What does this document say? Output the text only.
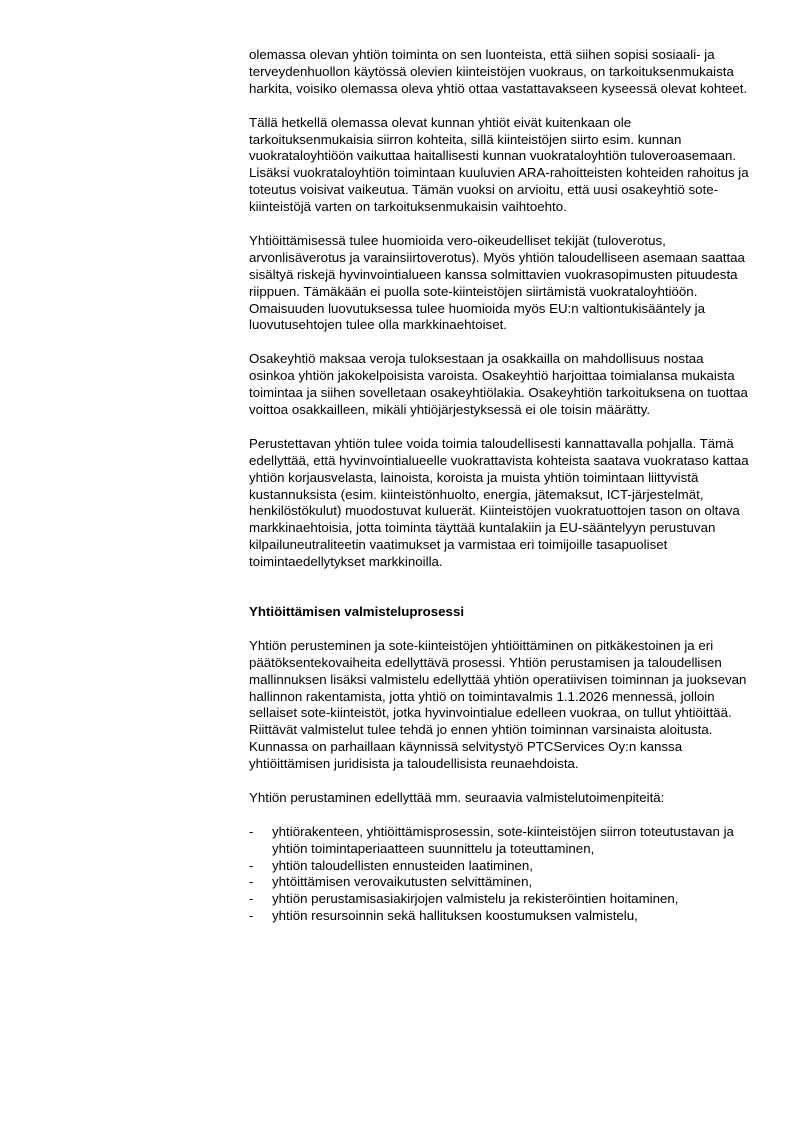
olemassa olevan yhtiön toiminta on sen luonteista, että siihen sopisi sosiaali- ja terveydenhuollon käytössä olevien kiinteistöjen vuokraus, on tarkoituksenmukaista harkita, voisiko olemassa oleva yhtiö ottaa vastattavakseen kyseessä olevat kohteet.

Tällä hetkellä olemassa olevat kunnan yhtiöt eivät kuitenkaan ole tarkoituksenmukaisia siirron kohteita, sillä kiinteistöjen siirto esim. kunnan vuokrataloyhtiöön vaikuttaa haitallisesti kunnan vuokrataloyhtiön tuloveroasemaan. Lisäksi vuokrataloyhtiön toimintaan kuuluvien ARA-rahoitteisten kohteiden rahoitus ja toteutus voisivat vaikeutua. Tämän vuoksi on arvioitu, että uusi osakeyhtiö sote-kiinteistöjä varten on tarkoituksenmukaisin vaihtoehto.

Yhtiöittämisessä tulee huomioida vero-oikeudelliset tekijät (tuloverotus, arvonlisäverotus ja varainsiirtoverotus). Myös yhtiön taloudelliseen asemaan saattaa sisältyä riskejä hyvinvointialueen kanssa solmittavien vuokrasopimusten pituudesta riippuen. Tämäkään ei puolla sote-kiinteistöjen siirtämistä vuokrataloyhtiöön. Omaisuuden luovutuksessa tulee huomioida myös EU:n valtiontukisääntely ja luovutusehtojen tulee olla markkinaehtoiset.

Osakeyhtiö maksaa veroja tuloksestaan ja osakkailla on mahdollisuus nostaa osinkoa yhtiön jakokelpoisista varoista. Osakeyhtiö harjoittaa toimialansa mukaista toimintaa ja siihen sovelletaan osakeyhtiölakia. Osakeyhtiön tarkoituksena on tuottaa voittoa osakkailleen, mikäli yhtiöjärjestyksessä ei ole toisin määrätty.

Perustettavan yhtiön tulee voida toimia taloudellisesti kannattavalla pohjalla. Tämä edellyttää, että hyvinvointialueelle vuokrattavista kohteista saatava vuokrataso kattaa yhtiön korjausvelasta, lainoista, koroista ja muista yhtiön toimintaan liittyvistä kustannuksista (esim. kiinteistönhuolto, energia, jätemaksut, ICT-järjestelmät, henkilöstökulut) muodostuvat kuluerät. Kiinteistöjen vuokratuottojen tason on oltava markkinaehtoisia, jotta toiminta täyttää kuntalakiin ja EU-sääntelyyn perustuvan kilpailuneutraliteetin vaatimukset ja varmistaa eri toimijoille tasapuoliset toimintaedellytykset markkinoilla.

Yhtiöittämisen valmisteluprosessi

Yhtiön perusteminen ja sote-kiinteistöjen yhtiöittäminen on pitkäkestoinen ja eri päätöksentekovaiheita edellyttävä prosessi. Yhtiön perustamisen ja taloudellisen mallinnuksen lisäksi valmistelu edellyttää yhtiön operatiivisen toiminnan ja juoksevan hallinnon rakentamista, jotta yhtiö on toimintavalmis 1.1.2026 mennessä, jolloin sellaiset sote-kiinteistöt, jotka hyvinvointialue edelleen vuokraa, on tullut yhtiöittää. Riittävät valmistelut tulee tehdä jo ennen yhtiön toiminnan varsinaista aloitusta. Kunnassa on parhaillaan käynnissä selvitystyö PTCServices Oy:n kanssa yhtiöittämisen juridisista ja taloudellisista reunaehdoista.

Yhtiön perustaminen edellyttää mm. seuraavia valmistelutoimenpiteitä:

- yhtiörakenteen, yhtiöittämisprosessin, sote-kiinteistöjen siirron toteutustavan ja yhtiön toimintaperiaatteen suunnittelu ja toteuttaminen,
- yhtiön taloudellisten ennusteiden laatiminen,
- yhtöittämisen verovaikutusten selvittäminen,
- yhtiön perustamisasiakirjojen valmistelu ja rekisteröintien hoitaminen,
- yhtiön resursoinnin sekä hallituksen koostumuksen valmistelu,
